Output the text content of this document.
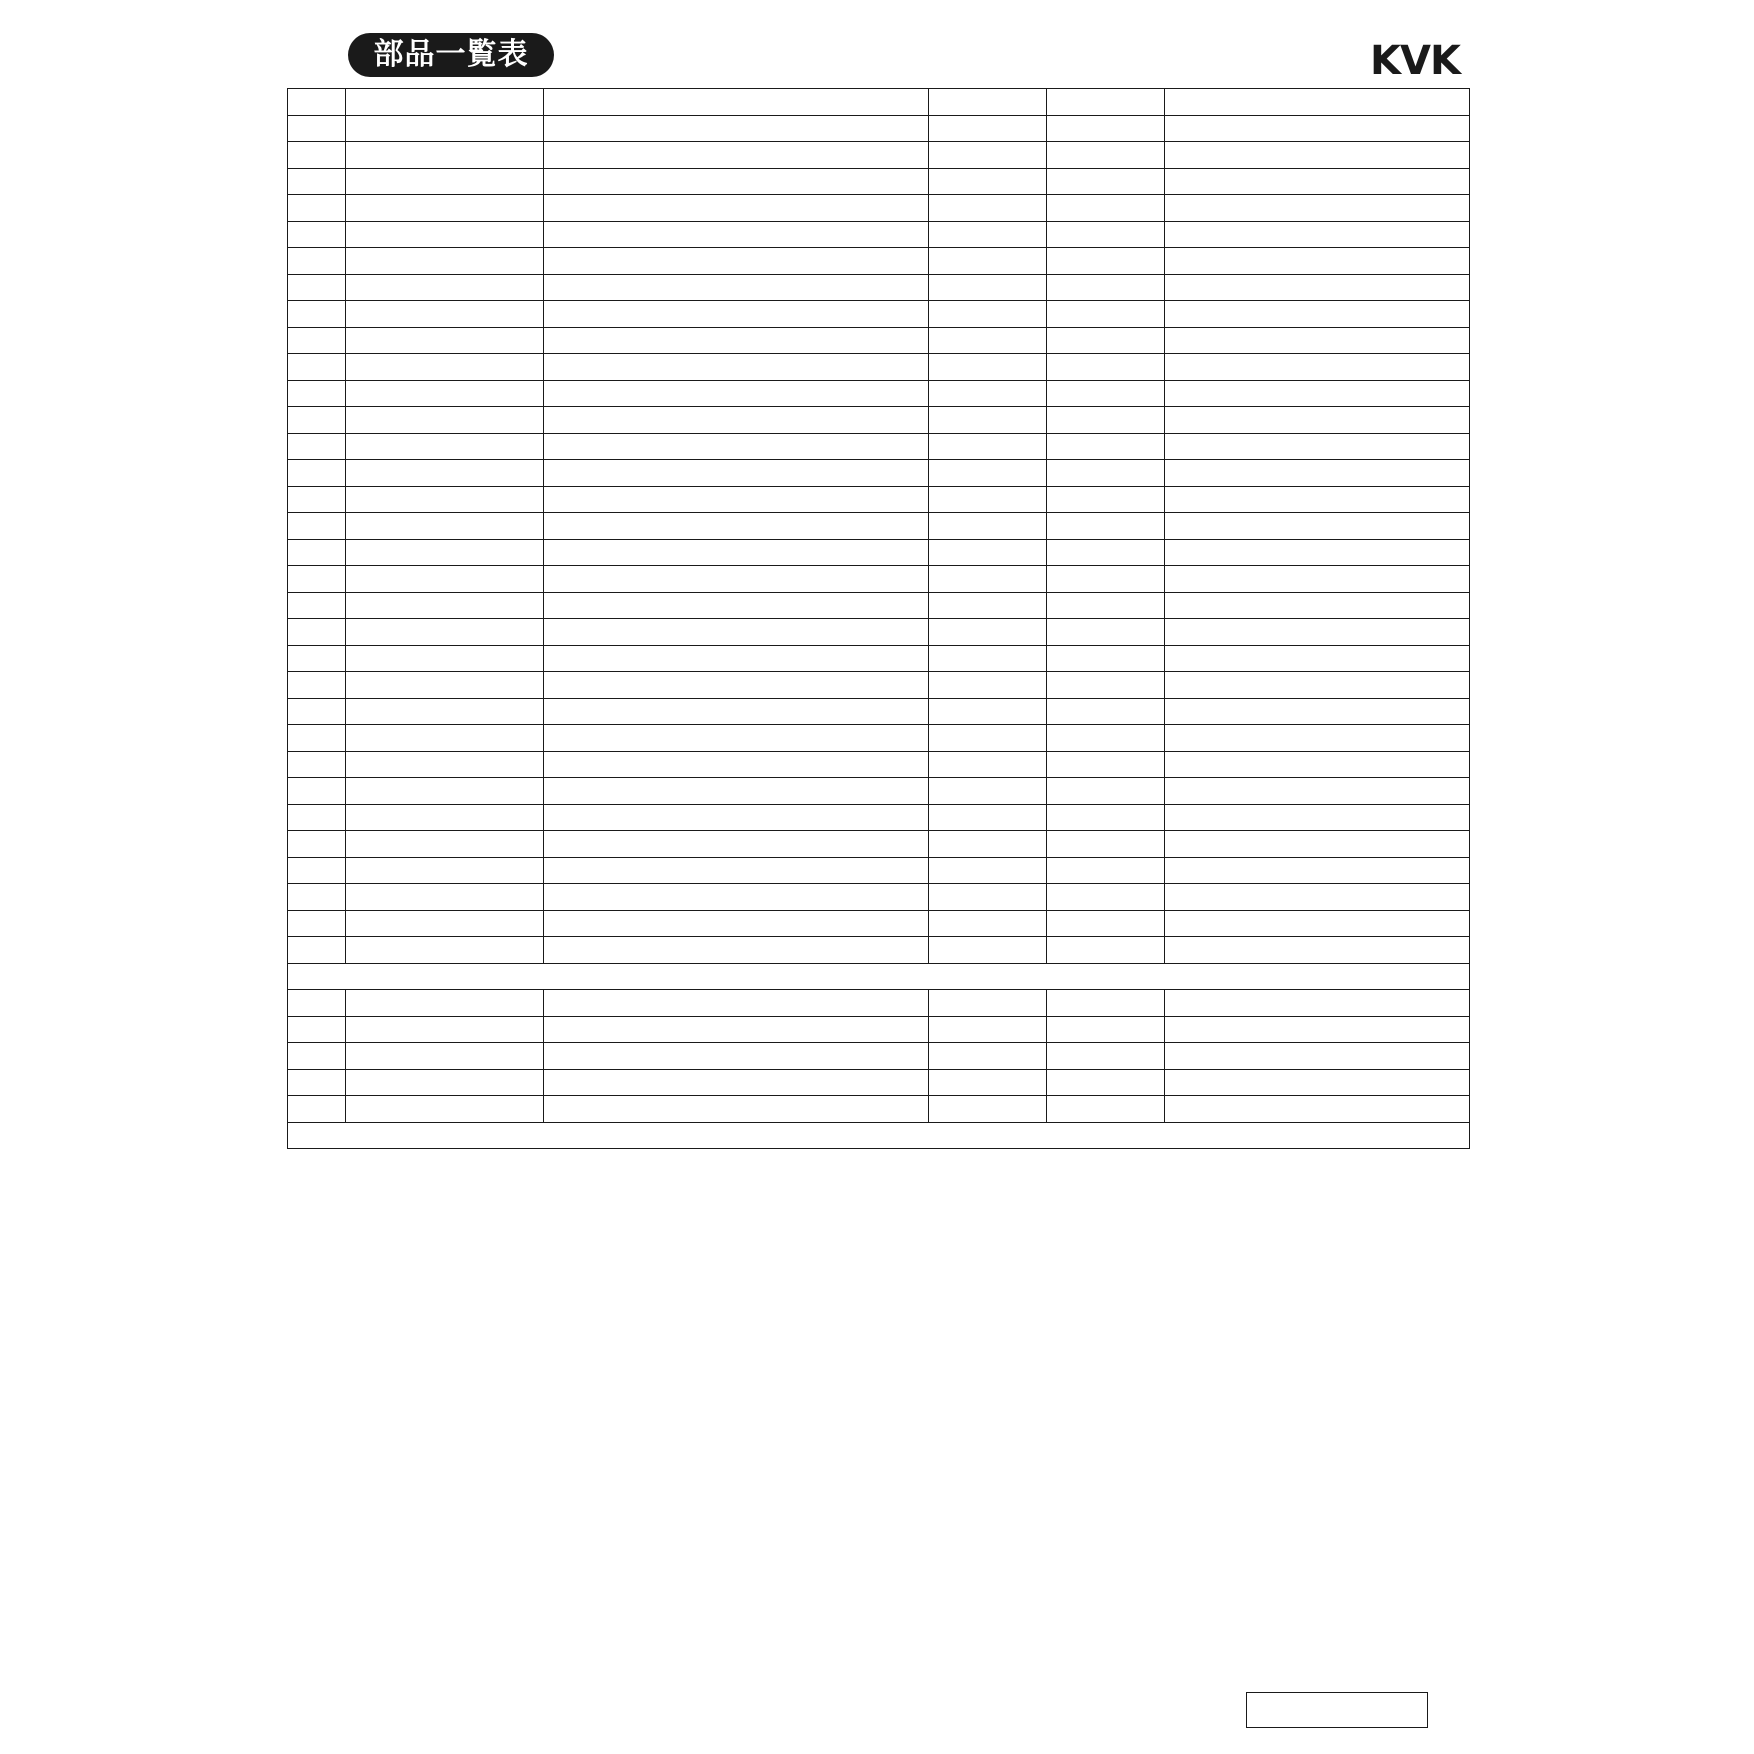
部品一覧表	KVK
